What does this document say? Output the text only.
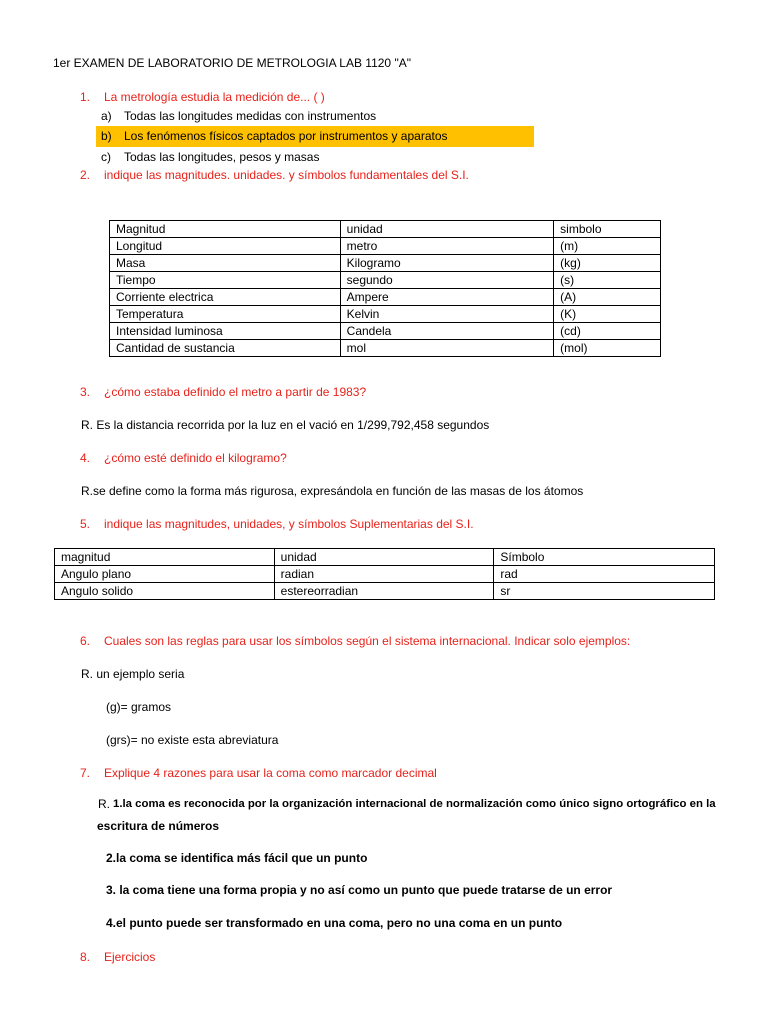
1er EXAMEN DE LABORATORIO DE METROLOGIA LAB 1120 "A"
1. La metrología estudia la medición de... ( )
a) Todas las longitudes medidas con instrumentos
b) Los fenómenos físicos captados por instrumentos y aparatos
c) Todas las longitudes, pesos y masas
2. indique las magnitudes. unidades. y símbolos fundamentales del S.I.
Magnitud	unidad	simbolo
Longitud	metro	(m)
Masa	Kilogramo	(kg)
Tiempo	segundo	(s)
Corriente electrica	Ampere	(A)
Temperatura	Kelvin	(K)
Intensidad luminosa	Candela	(cd)
Cantidad de sustancia	mol	(mol)
3. ¿cómo estaba definido el metro a partir de 1983?
R. Es la distancia recorrida por la luz en el vació en 1/299,792,458 segundos
4. ¿cómo esté definido el kilogramo?
R.se define como la forma más rigurosa, expresándola en función de las masas de los átomos
5. indique las magnitudes, unidades, y símbolos Suplementarias del S.I.
magnitud	unidad	Símbolo
Angulo plano	radian	rad
Angulo solido	estereorradian	sr
6. Cuales son las reglas para usar los símbolos según el sistema internacional. Indicar solo ejemplos:
R. un ejemplo seria
(g)= gramos
(grs)= no existe esta abreviatura
7. Explique 4 razones para usar la coma como marcador decimal
R. 1.la coma es reconocida por la organización internacional de normalización como único signo ortográfico en la
escritura de números
2.la coma se identifica más fácil que un punto
3. la coma tiene una forma propia y no así como un punto que puede tratarse de un error
4.el punto puede ser transformado en una coma, pero no una coma en un punto
8. Ejercicios
